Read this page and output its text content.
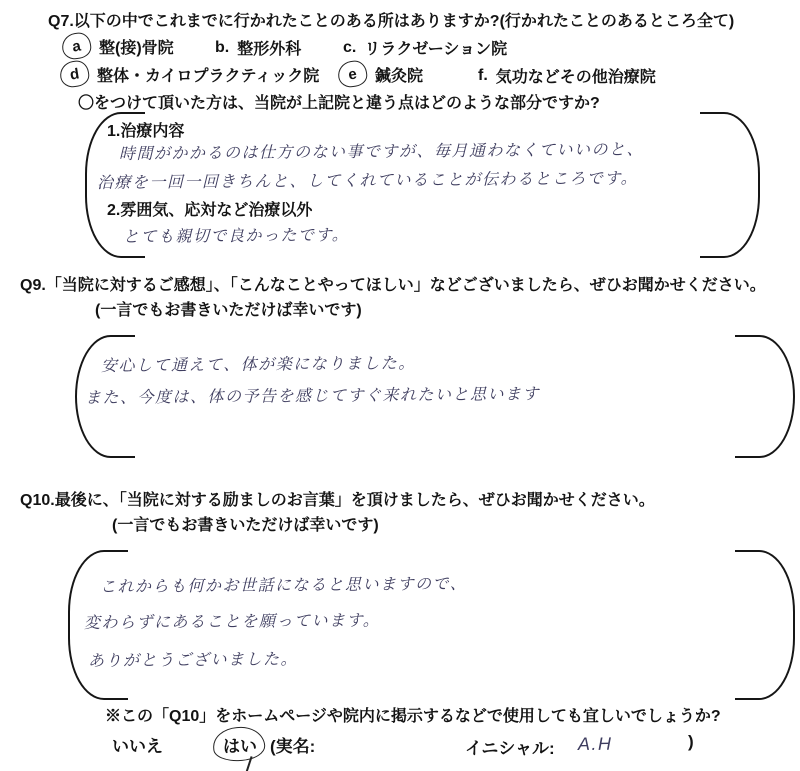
Q7.以下の中でこれまでに行かれたことのある所はありますか?(行かれたことのあるところ全て)
a	整(接)骨院	b. 整形外科	c. リラクゼーション院
d	整体・カイロプラクティック院	e	鍼灸院	f. 気功などその他治療院
〇をつけて頂いた方は、当院が上記院と違う点はどのような部分ですか?
1.治療内容
時間がかかるのは仕方のない事ですが、毎月通わなくていいのと、
治療を一回一回きちんと、してくれていることが伝わるところです。
2.雰囲気、応対など治療以外
とても親切で良かったです。
Q9.「当院に対するご感想」、「こんなことやってほしい」などございましたら、ぜひお聞かせください。
(一言でもお書きいただけば幸いです)
安心して通えて、体が楽になりました。
また、今度は、体の予告を感じてすぐ来れたいと思います
Q10.最後に、「当院に対する励ましのお言葉」を頂けましたら、ぜひお聞かせください。
(一言でもお書きいただけば幸いです)
これからも何かお世話になると思いますので、
変わらずにあることを願っています。
ありがとうございました。
※この「Q10」をホームページや院内に掲示するなどで使用しても宜しいでしょうか?
いいえ	はい (実名:	イニシャル: A.H	)
